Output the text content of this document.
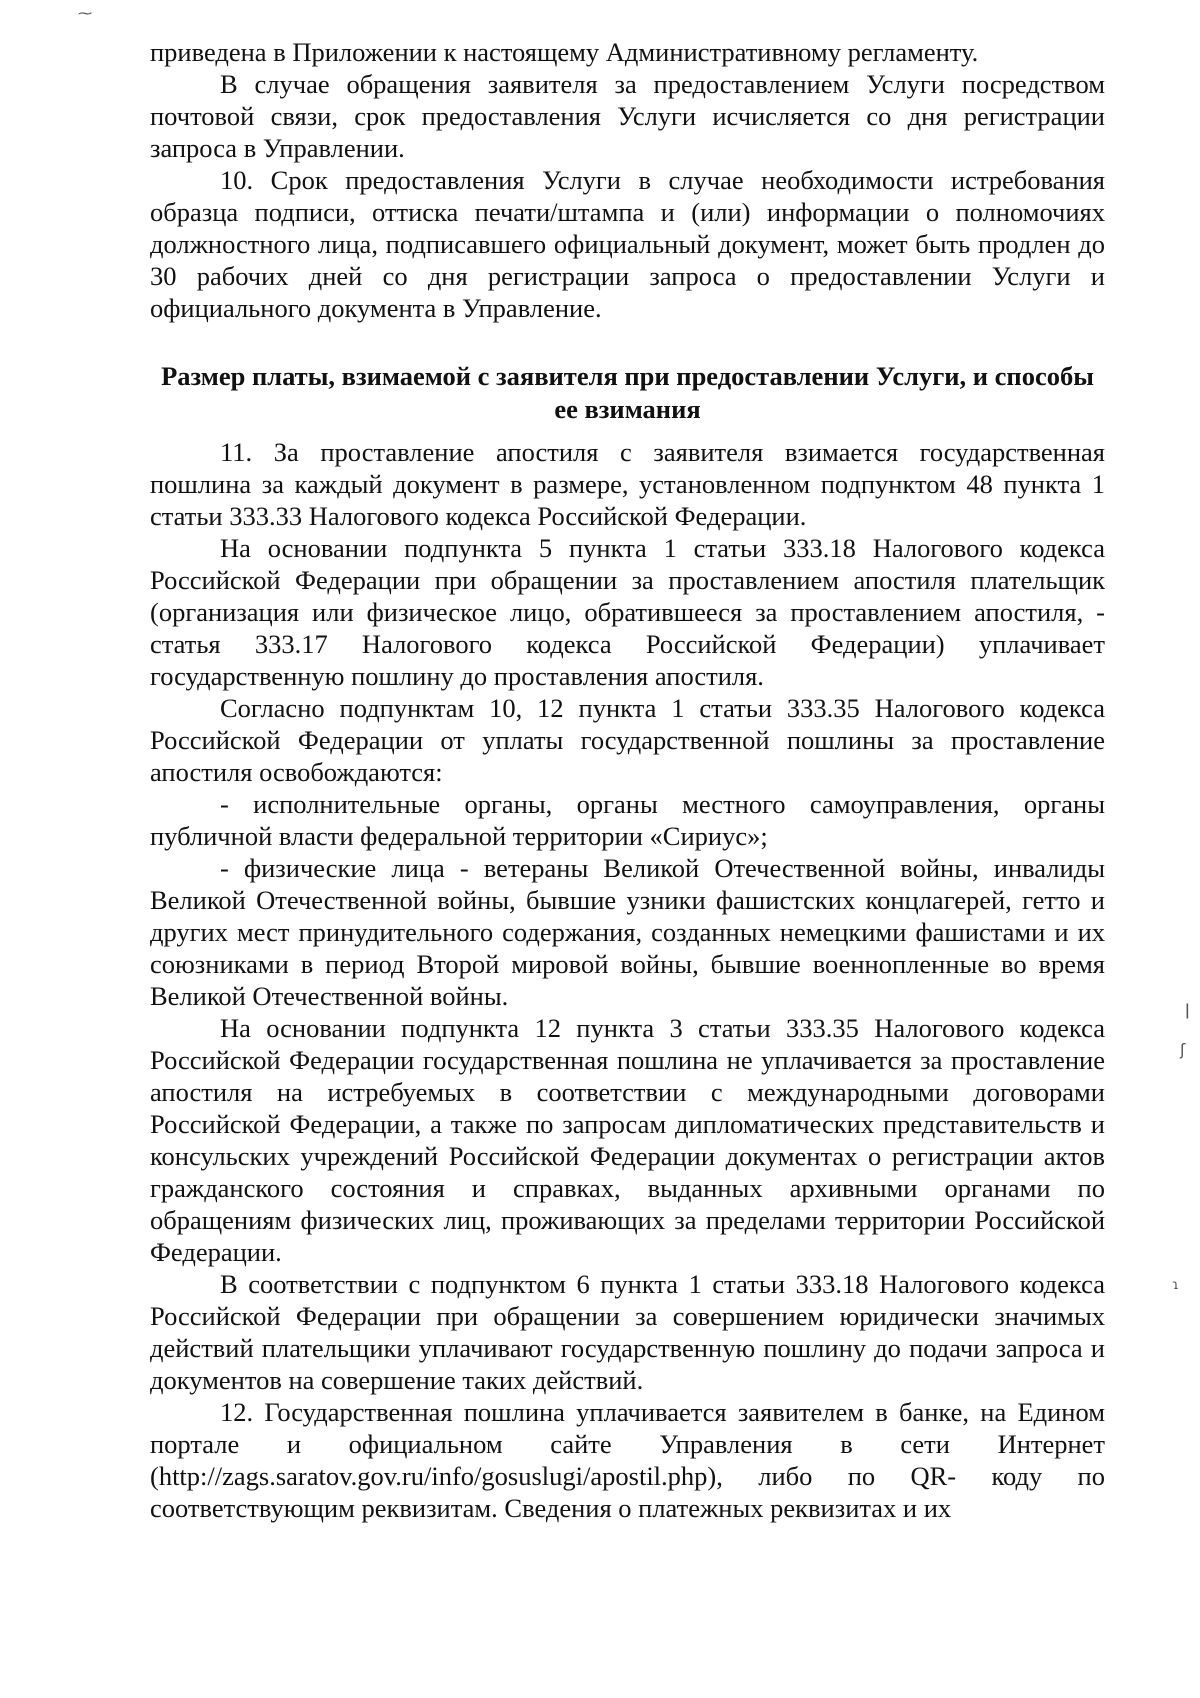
⁓

приведена в Приложении к настоящему Административному регламенту.

В случае обращения заявителя за предоставлением Услуги посредством почтовой связи, срок предоставления Услуги исчисляется со дня регистрации запроса в Управлении.

10. Срок предоставления Услуги в случае необходимости истребования образца подписи, оттиска печати/штампа и (или) информации о полномочиях должностного лица, подписавшего официальный документ, может быть продлен до 30 рабочих дней со дня регистрации запроса о предоставлении Услуги и официального документа в Управление.

Размер платы, взимаемой с заявителя при предоставлении Услуги, и способы ее взимания

11. За проставление апостиля с заявителя взимается государственная пошлина за каждый документ в размере, установленном подпунктом 48 пункта 1 статьи 333.33 Налогового кодекса Российской Федерации.

На основании подпункта 5 пункта 1 статьи 333.18 Налогового кодекса Российской Федерации при обращении за проставлением апостиля плательщик (организация или физическое лицо, обратившееся за проставлением апостиля, - статья 333.17 Налогового кодекса Российской Федерации) уплачивает государственную пошлину до проставления апостиля.

Согласно подпунктам 10, 12 пункта 1 статьи 333.35 Налогового кодекса Российской Федерации от уплаты государственной пошлины за проставление апостиля освобождаются:

- исполнительные органы, органы местного самоуправления, органы публичной власти федеральной территории «Сириус»;

- физические лица - ветераны Великой Отечественной войны, инвалиды Великой Отечественной войны, бывшие узники фашистских концлагерей, гетто и других мест принудительного содержания, созданных немецкими фашистами и их союзниками в период Второй мировой войны, бывшие военнопленные во время Великой Отечественной войны.

На основании подпункта 12 пункта 3 статьи 333.35 Налогового кодекса Российской Федерации государственная пошлина не уплачивается за проставление апостиля на истребуемых в соответствии с международными договорами Российской Федерации, а также по запросам дипломатических представительств и консульских учреждений Российской Федерации документах о регистрации актов гражданского состояния и справках, выданных архивными органами по обращениям физических лиц, проживающих за пределами территории Российской Федерации.

В соответствии с подпунктом 6 пункта 1 статьи 333.18 Налогового кодекса Российской Федерации при обращении за совершением юридически значимых действий плательщики уплачивают государственную пошлину до подачи запроса и документов на совершение таких действий.

12. Государственная пошлина уплачивается заявителем в банке, на Едином портале и официальном сайте Управления в сети Интернет (http://zags.saratov.gov.ru/info/gosuslugi/apostil.php), либо по QR- коду по соответствующим реквизитам. Сведения о платежных реквизитах и их

ǀ
ʃ
ɿ
